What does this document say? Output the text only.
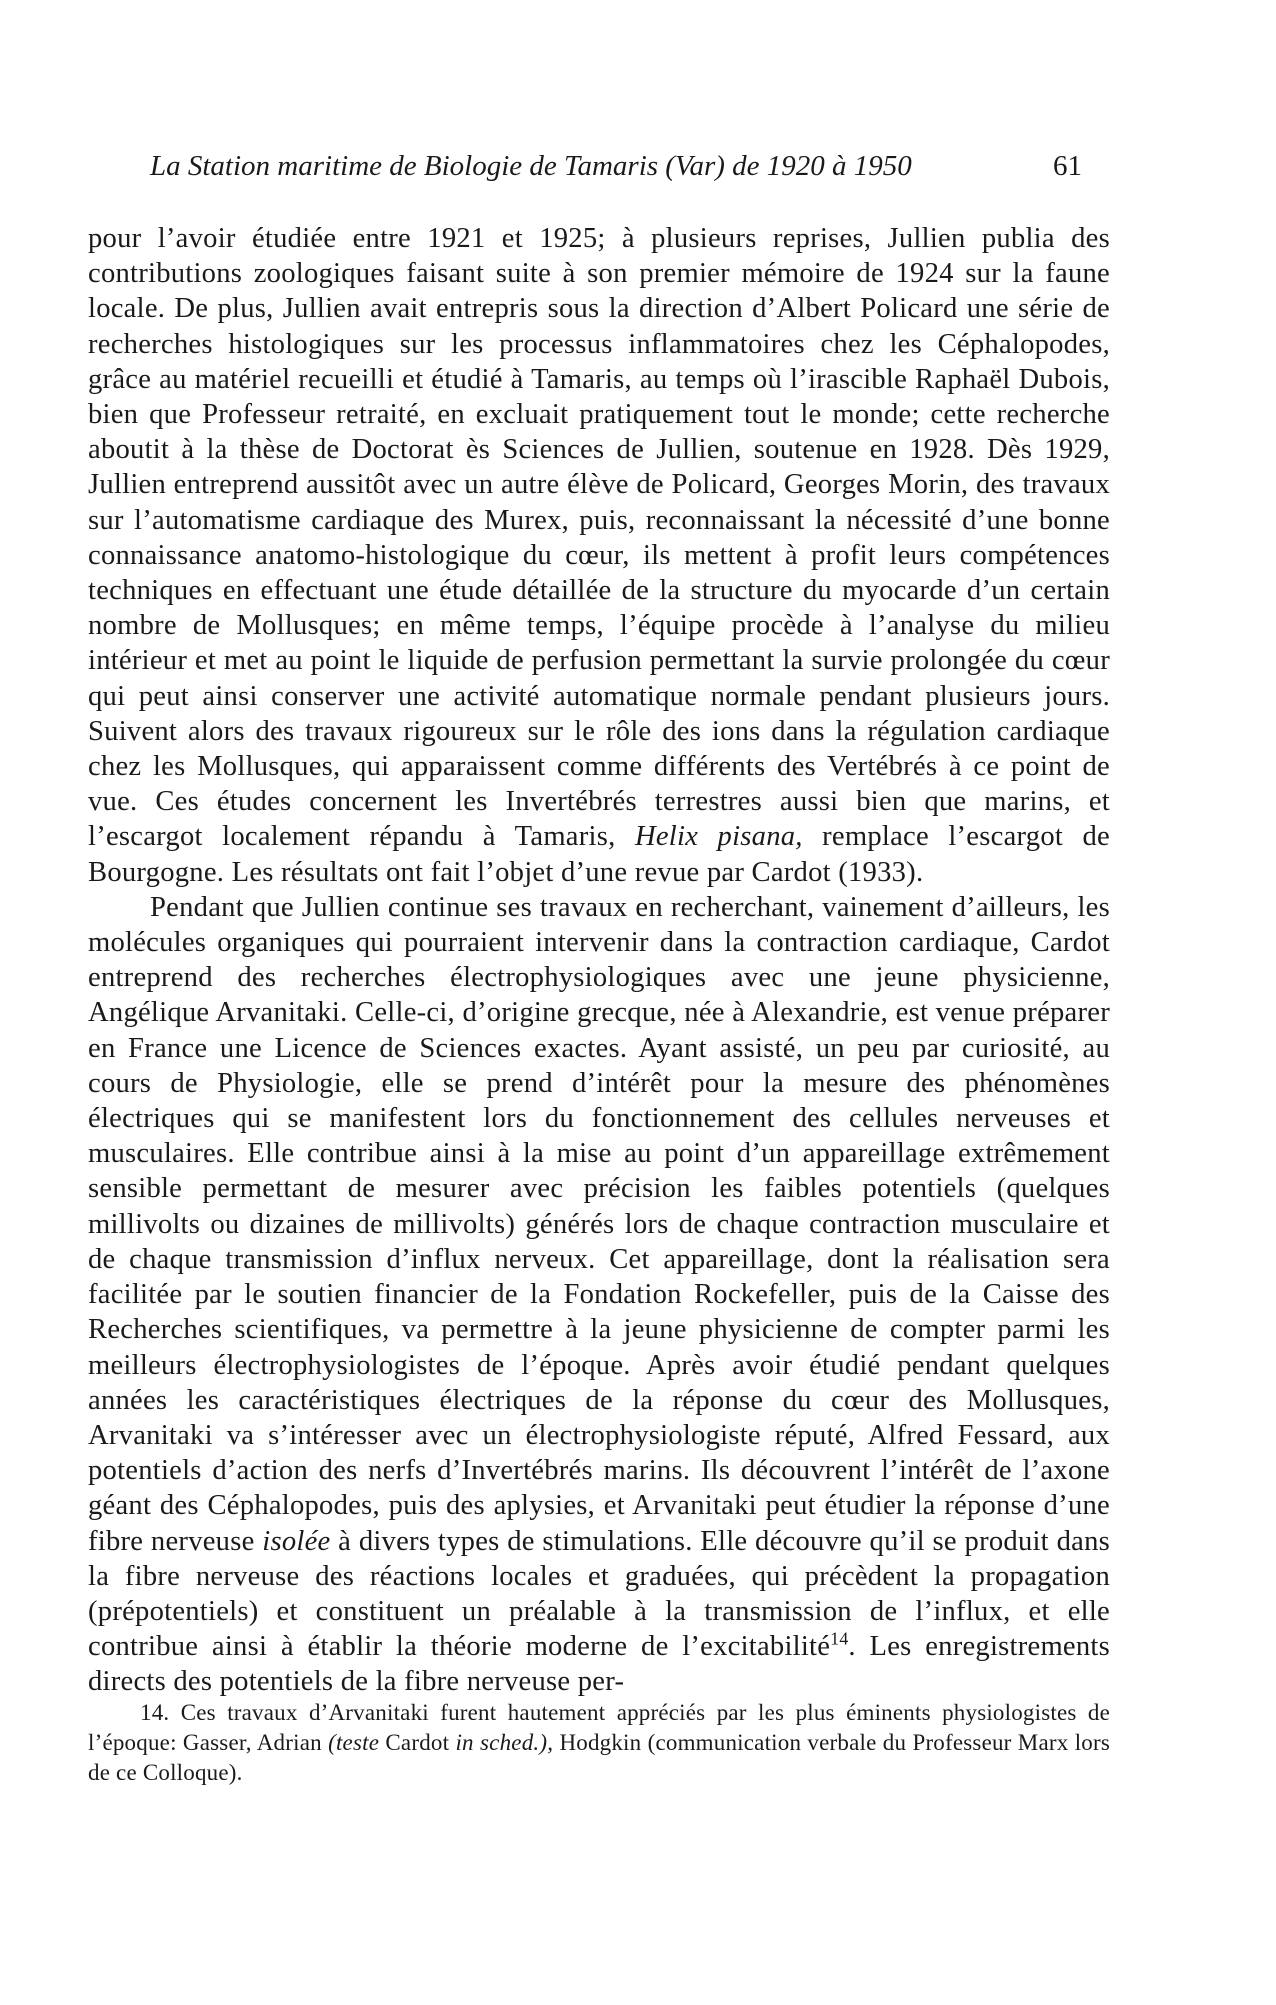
La Station maritime de Biologie de Tamaris (Var) de 1920 à 1950	61

pour l’avoir étudiée entre 1921 et 1925; à plusieurs reprises, Jullien publia des contributions zoologiques faisant suite à son premier mémoire de 1924 sur la faune locale. De plus, Jullien avait entrepris sous la direction d’Albert Policard une série de recherches histologiques sur les processus inflammatoires chez les Céphalopodes, grâce au matériel recueilli et étudié à Tamaris, au temps où l’irascible Raphaël Dubois, bien que Professeur retraité, en excluait pratiquement tout le monde; cette recherche aboutit à la thèse de Doctorat ès Sciences de Jullien, soutenue en 1928. Dès 1929, Jullien entreprend aussitôt avec un autre élève de Policard, Georges Morin, des travaux sur l’automatisme cardiaque des Murex, puis, reconnaissant la nécessité d’une bonne connaissance anatomo-histologique du cœur, ils mettent à profit leurs compétences techniques en effectuant une étude détaillée de la structure du myocarde d’un certain nombre de Mollusques; en même temps, l’équipe procède à l’analyse du milieu intérieur et met au point le liquide de perfusion permettant la survie prolongée du cœur qui peut ainsi conserver une activité automatique normale pendant plusieurs jours. Suivent alors des travaux rigoureux sur le rôle des ions dans la régulation cardiaque chez les Mollusques, qui apparaissent comme différents des Vertébrés à ce point de vue. Ces études concernent les Invertébrés terrestres aussi bien que marins, et l’escargot localement répandu à Tamaris, Helix pisana, remplace l’escargot de Bourgogne. Les résultats ont fait l’objet d’une revue par Cardot (1933).

Pendant que Jullien continue ses travaux en recherchant, vainement d’ailleurs, les molécules organiques qui pourraient intervenir dans la contraction cardiaque, Cardot entreprend des recherches électrophysiologiques avec une jeune physicienne, Angélique Arvanitaki. Celle-ci, d’origine grecque, née à Alexandrie, est venue préparer en France une Licence de Sciences exactes. Ayant assisté, un peu par curiosité, au cours de Physiologie, elle se prend d’intérêt pour la mesure des phénomènes électriques qui se manifestent lors du fonctionnement des cellules nerveuses et musculaires. Elle contribue ainsi à la mise au point d’un appareillage extrêmement sensible permettant de mesurer avec précision les faibles potentiels (quelques millivolts ou dizaines de millivolts) générés lors de chaque contraction musculaire et de chaque transmission d’influx nerveux. Cet appareillage, dont la réalisation sera facilitée par le soutien financier de la Fondation Rockefeller, puis de la Caisse des Recherches scientifiques, va permettre à la jeune physicienne de compter parmi les meilleurs électrophysiologistes de l’époque. Après avoir étudié pendant quelques années les caractéristiques électriques de la réponse du cœur des Mollusques, Arvanitaki va s’intéresser avec un électrophysiologiste réputé, Alfred Fessard, aux potentiels d’action des nerfs d’Invertébrés marins. Ils découvrent l’intérêt de l’axone géant des Céphalopodes, puis des aplysies, et Arvanitaki peut étudier la réponse d’une fibre nerveuse isolée à divers types de stimulations. Elle découvre qu’il se produit dans la fibre nerveuse des réactions locales et graduées, qui précèdent la propagation (prépotentiels) et constituent un préalable à la transmission de l’influx, et elle contribue ainsi à établir la théorie moderne de l’excitabilité$^{14}$. Les enregistrements directs des potentiels de la fibre nerveuse per-

14. Ces travaux d’Arvanitaki furent hautement appréciés par les plus éminents physiologistes de l’époque: Gasser, Adrian (teste Cardot in sched.), Hodgkin (communication verbale du Professeur Marx lors de ce Colloque).
